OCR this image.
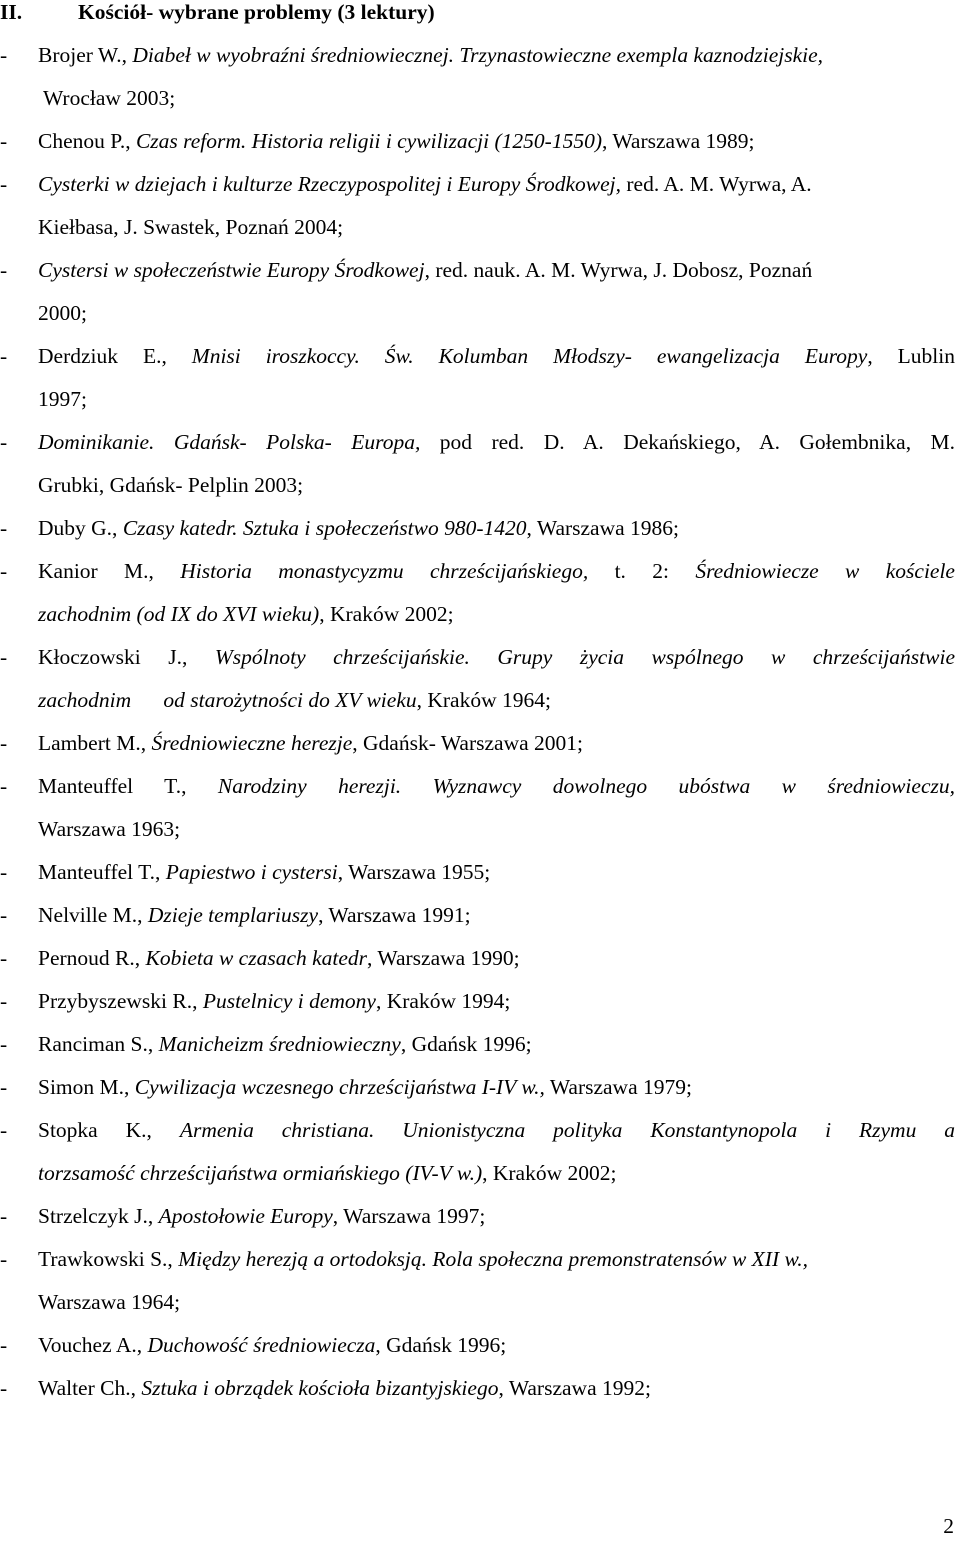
II.	Kościół- wybrane problemy (3 lektury)
- Brojer W., Diabeł w wyobraźni średniowiecznej. Trzynastowieczne exempla kaznodziejskie,
Wrocław 2003;
- Chenou P., Czas reform. Historia religii i cywilizacji (1250-1550), Warszawa 1989;
- Cysterki w dziejach i kulturze Rzeczypospolitej i Europy Środkowej, red. A. M. Wyrwa, A.
Kiełbasa, J. Swastek, Poznań 2004;
- Cystersi w społeczeństwie Europy Środkowej, red. nauk. A. M. Wyrwa, J. Dobosz, Poznań
2000;
- Derdziuk E., Mnisi iroszkoccy. Św. Kolumban Młodszy- ewangelizacja Europy, Lublin
1997;
- Dominikanie. Gdańsk- Polska- Europa, pod red. D. A. Dekańskiego, A. Gołembnika, M.
Grubki, Gdańsk- Pelplin 2003;
- Duby G., Czasy katedr. Sztuka i społeczeństwo 980-1420, Warszawa 1986;
- Kanior M., Historia monastycyzmu chrześcijańskiego, t. 2: Średniowiecze w kościele
zachodnim (od IX do XVI wieku), Kraków 2002;
- Kłoczowski J., Wspólnoty chrześcijańskie. Grupy życia wspólnego w chrześcijaństwie
zachodnim      od starożytności do XV wieku, Kraków 1964;
- Lambert M., Średniowieczne herezje, Gdańsk- Warszawa 2001;
- Manteuffel T., Narodziny herezji. Wyznawcy dowolnego ubóstwa w średniowieczu,
Warszawa 1963;
- Manteuffel T., Papiestwo i cystersi, Warszawa 1955;
- Nelville M., Dzieje templariuszy, Warszawa 1991;
- Pernoud R., Kobieta w czasach katedr, Warszawa 1990;
- Przybyszewski R., Pustelnicy i demony, Kraków 1994;
- Ranciman S., Manicheizm średniowieczny, Gdańsk 1996;
- Simon M., Cywilizacja wczesnego chrześcijaństwa I-IV w., Warszawa 1979;
- Stopka K., Armenia christiana. Unionistyczna polityka Konstantynopola i Rzymu a
torzsamość chrześcijaństwa ormiańskiego (IV-V w.), Kraków 2002;
- Strzelczyk J., Apostołowie Europy, Warszawa 1997;
- Trawkowski S., Między herezją a ortodoksją. Rola społeczna premonstratensów w XII w.,
Warszawa 1964;
- Vouchez A., Duchowość średniowiecza, Gdańsk 1996;
- Walter Ch., Sztuka i obrządek kościoła bizantyjskiego, Warszawa 1992;
2
